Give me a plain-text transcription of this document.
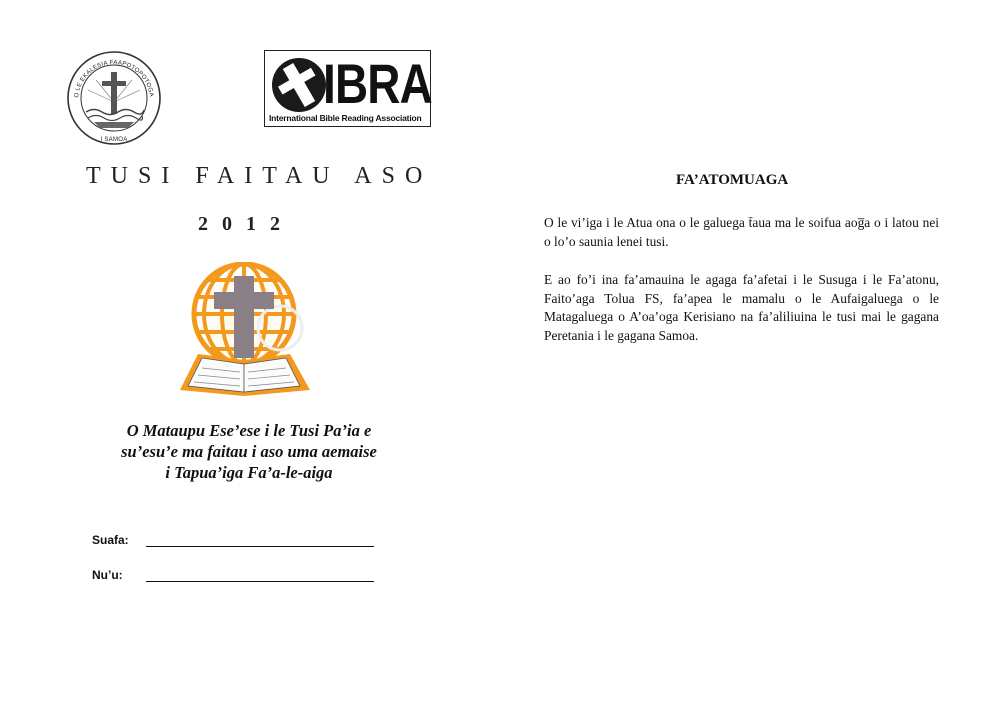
O LE EKALESIA FAAPOTOPOTOGA
I SAMOA
IBRA
International Bible Reading Association
TUSI FAITAU ASO
2012
O Mataupu Ese’ese i le Tusi Pa’ia e
su’esu’e ma faitau i aso uma aemaise
i Tapua’iga Fa’a-le-aiga
Suafa:
Nu’u:
FA’ATOMUAGA

O le vi’iga i le Atua ona o le galuega t̄aua ma le soifua aog̅a o i latou nei o lo’o saunia lenei tusi.

E ao fo’i ina fa’amauina le agaga fa’afetai i le Susuga i le Fa’atonu, Faito’aga Tolua FS, fa’apea le mamalu o le Aufaigaluega o le Matagaluega o A’oa’oga Kerisiano na fa’aliliuina le tusi mai le gagana Peretania i le gagana Samoa.
